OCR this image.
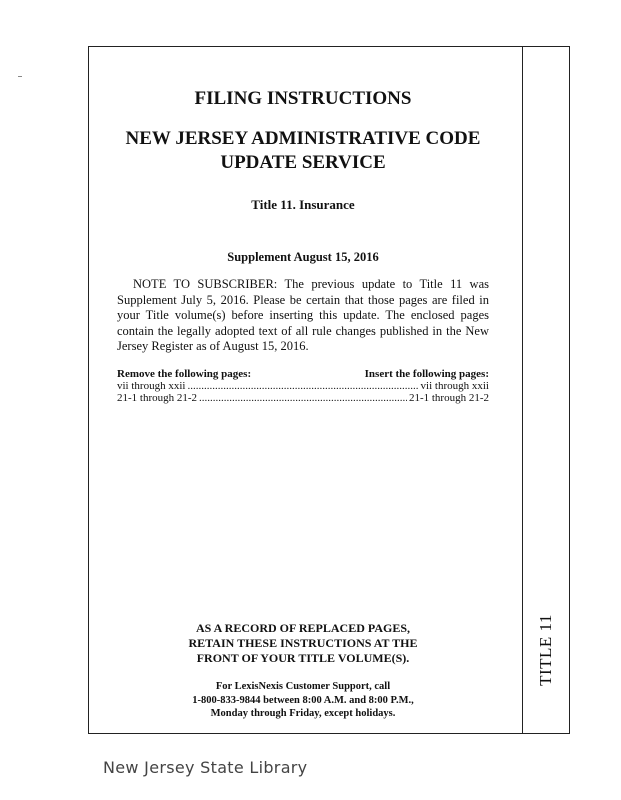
TITLE 11

FILING INSTRUCTIONS

NEW JERSEY ADMINISTRATIVE CODE

UPDATE SERVICE

Title 11. Insurance

Supplement August 15, 2016

NOTE TO SUBSCRIBER: The previous update to Title 11 was Supplement July 5, 2016. Please be certain that those pages are filed in your Title volume(s) before inserting this update. The enclosed pages contain the legally adopted text of all rule changes published in the New Jersey Register as of August 15, 2016.

Remove the following pages:	Insert the following pages:
vii through xxii .....	vii through xxii
21-1 through 21-2 .....	21-1 through 21-2

AS A RECORD OF REPLACED PAGES,

RETAIN THESE INSTRUCTIONS AT THE

FRONT OF YOUR TITLE VOLUME(S).

For LexisNexis Customer Support, call

1-800-833-9844 between 8:00 A.M. and 8:00 P.M.,

Monday through Friday, except holidays.

New Jersey State Library
